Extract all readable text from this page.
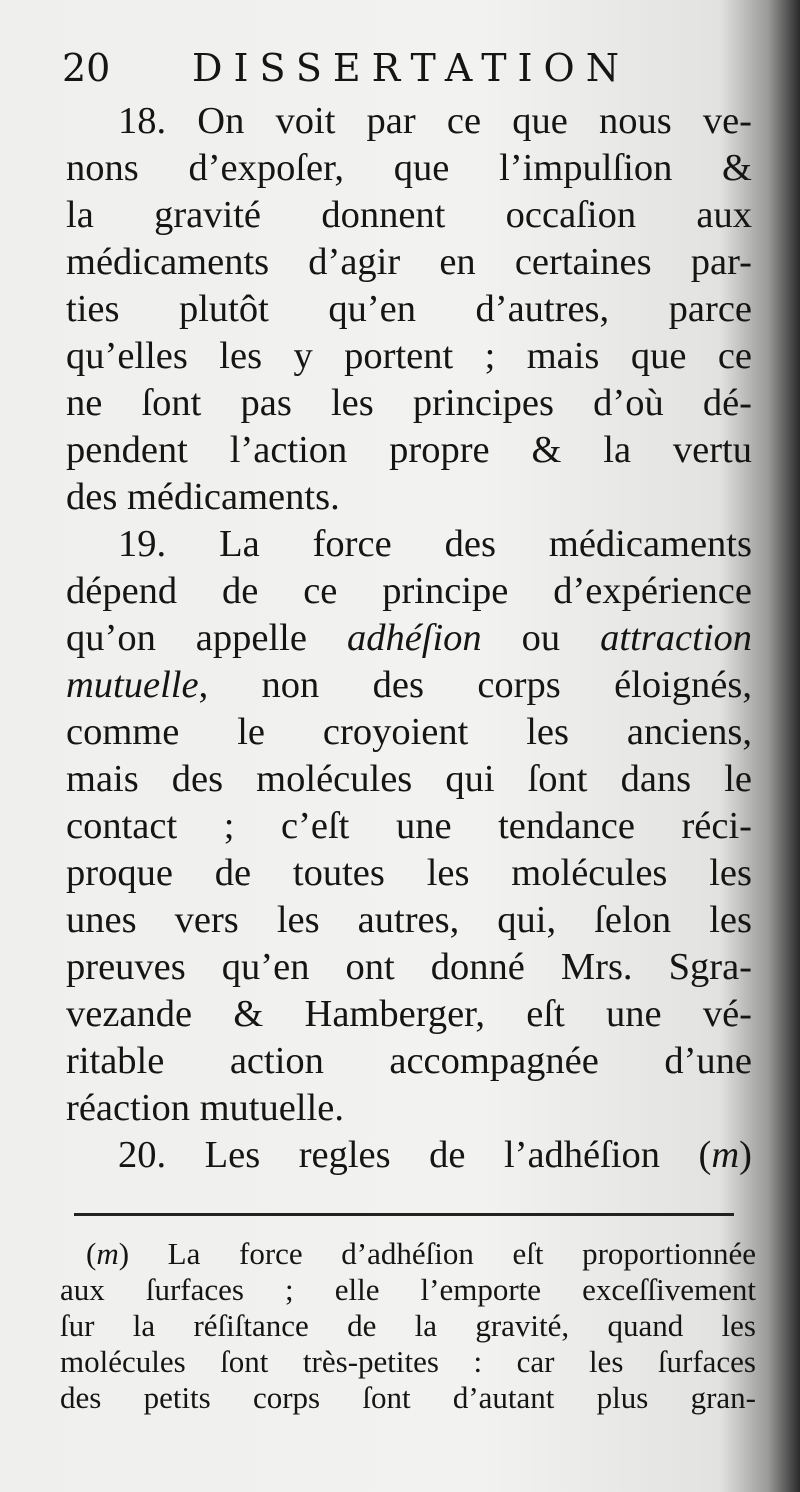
20	DISSERTATION
18. On voit par ce que nous ve-
nons d’expoſer, que l’impulſion &
la gravité donnent occaſion aux
médicaments d’agir en certaines par-
ties plutôt qu’en d’autres, parce
qu’elles les y portent ; mais que ce
ne ſont pas les principes d’où dé-
pendent l’action propre & la vertu
des médicaments.
19. La force des médicaments
dépend de ce principe d’expérience
qu’on appelle adhéſion ou attraction
mutuelle, non des corps éloignés,
comme le croyoient les anciens,
mais des molécules qui ſont dans le
contact ; c’eſt une tendance réci-
proque de toutes les molécules les
unes vers les autres, qui, ſelon les
preuves qu’en ont donné Mrs. Sgra-
vezande & Hamberger, eſt une vé-
ritable action accompagnée d’une
réaction mutuelle.
20. Les regles de l’adhéſion (m)
(m) La force d’adhéſion eſt proportionnée
aux ſurfaces ; elle l’emporte exceſſivement
ſur la réſiſtance de la gravité, quand les
molécules ſont très-petites : car les ſurfaces
des petits corps ſont d’autant plus gran-
